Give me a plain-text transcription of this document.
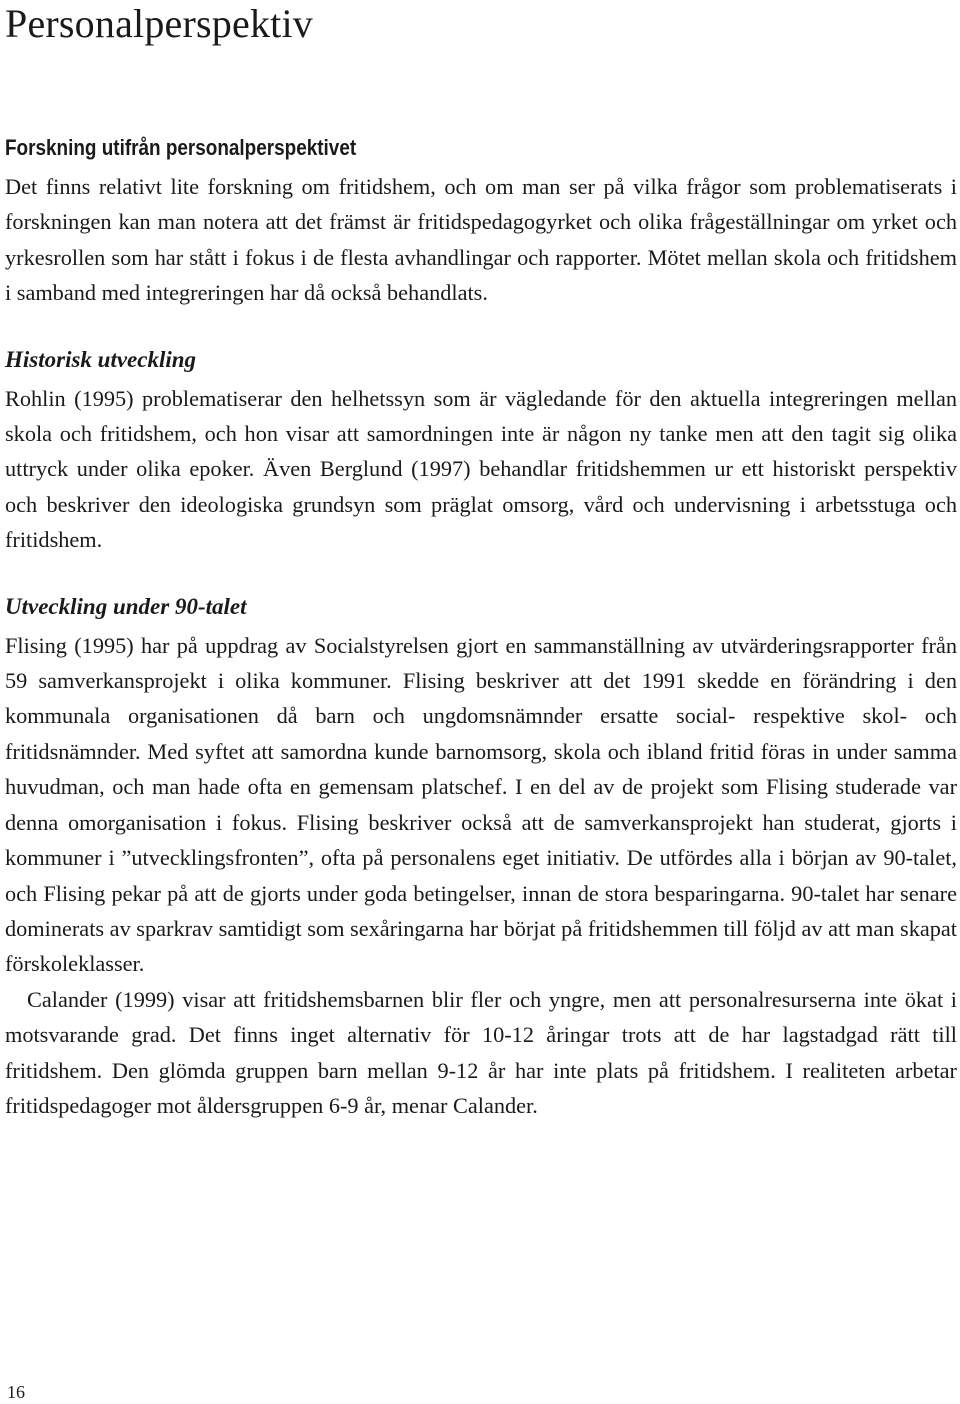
Personalperspektiv
Forskning utifrån personalperspektivet

Det finns relativt lite forskning om fritidshem, och om man ser på vilka frågor som problematiserats i forskningen kan man notera att det främst är fritidspedagogyrket och olika frågeställningar om yrket och yrkesrollen som har stått i fokus i de flesta avhandlingar och rapporter. Mötet mellan skola och fritidshem i samband med integreringen har då också behandlats.

Historisk utveckling

Rohlin (1995) problematiserar den helhetssyn som är vägledande för den aktuella integreringen mellan skola och fritidshem, och hon visar att samordningen inte är någon ny tanke men att den tagit sig olika uttryck under olika epoker. Även Berglund (1997) behandlar fritidshemmen ur ett historiskt perspektiv och beskriver den ideologiska grundsyn som präglat omsorg, vård och undervisning i arbetsstuga och fritidshem.

Utveckling under 90-talet

Flising (1995) har på uppdrag av Socialstyrelsen gjort en sammanställning av utvärderingsrapporter från 59 samverkansprojekt i olika kommuner. Flising beskriver att det 1991 skedde en förändring i den kommunala organisationen då barn och ungdomsnämnder ersatte social- respektive skol- och fritidsnämnder. Med syftet att samordna kunde barnomsorg, skola och ibland fritid föras in under samma huvudman, och man hade ofta en gemensam platschef. I en del av de projekt som Flising studerade var denna omorganisation i fokus. Flising beskriver också att de samverkansprojekt han studerat, gjorts i kommuner i ”utvecklingsfronten”, ofta på personalens eget initiativ. De utfördes alla i början av 90-talet, och Flising pekar på att de gjorts under goda betingelser, innan de stora besparingarna. 90-talet har senare dominerats av sparkrav samtidigt som sexåringarna har börjat på fritidshemmen till följd av att man skapat förskoleklasser.

Calander (1999) visar att fritidshemsbarnen blir fler och yngre, men att personalresurserna inte ökat i motsvarande grad. Det finns inget alternativ för 10-12 åringar trots att de har lagstadgad rätt till fritidshem. Den glömda gruppen barn mellan 9-12 år har inte plats på fritidshem. I realiteten arbetar fritidspedagoger mot åldersgruppen 6-9 år, menar Calander.

16
